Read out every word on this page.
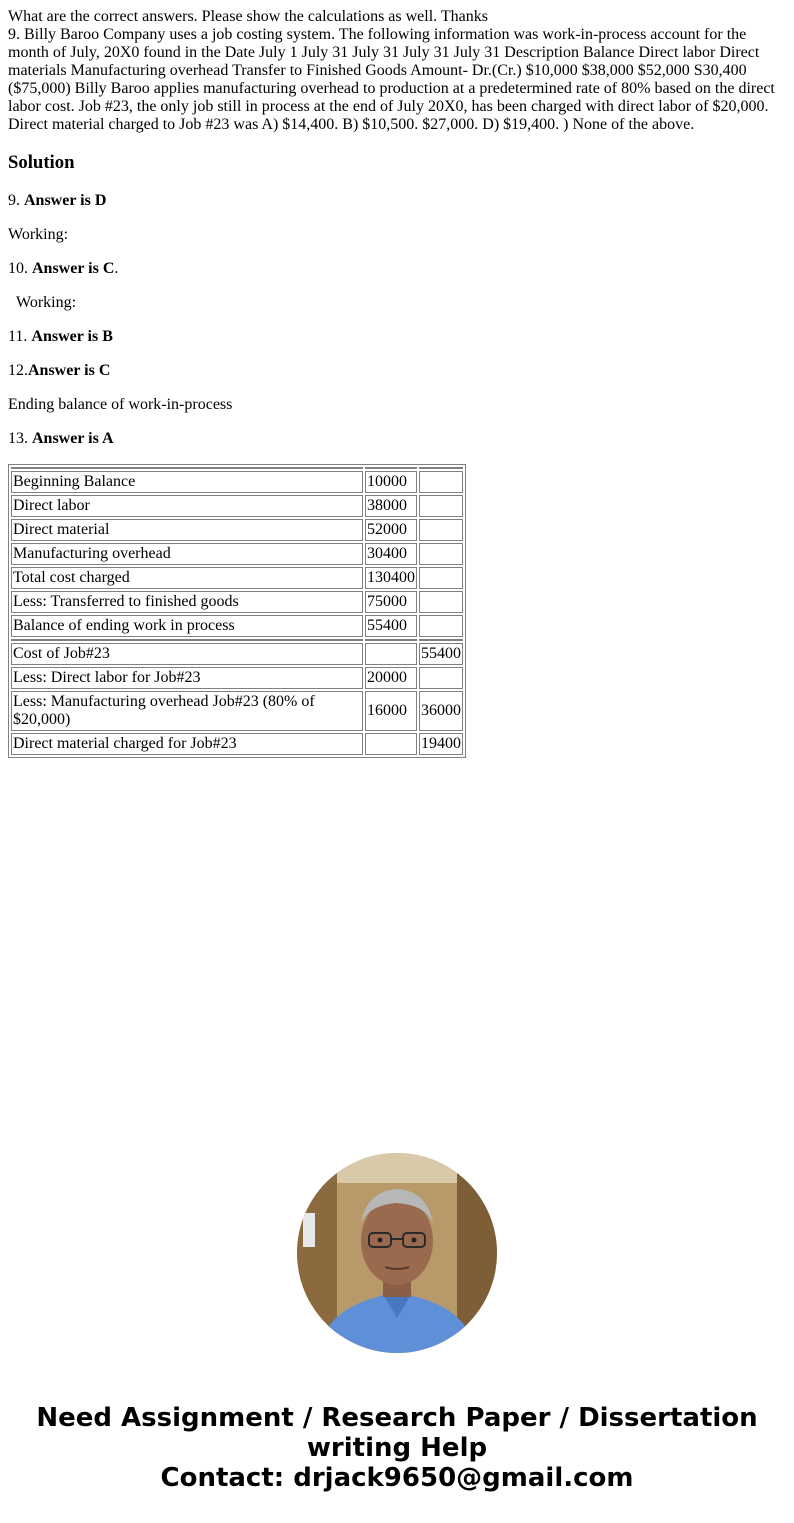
What are the correct answers. Please show the calculations as well. Thanks
9. Billy Baroo Company uses a job costing system. The following information was work-in-process account for the month of July, 20X0 found in the Date July 1 July 31 July 31 July 31 July 31 Description Balance Direct labor Direct materials Manufacturing overhead Transfer to Finished Goods Amount- Dr.(Cr.) $10,000 $38,000 $52,000 S30,400 ($75,000) Billy Baroo applies manufacturing overhead to production at a predetermined rate of 80% based on the direct labor cost. Job #23, the only job still in process at the end of July 20X0, has been charged with direct labor of $20,000. Direct material charged to Job #23 was A) $14,400. B) $10,500. $27,000. D) $19,400. ) None of the above.

Solution

9. Answer is D

Working:

10. Answer is C.

Working:

11. Answer is B

12.Answer is C

Ending balance of work-in-process

13. Answer is A

Beginning Balance	10000	
Direct labor	38000	
Direct material	52000	
Manufacturing overhead	30400	
Total cost charged	130400	
Less: Transferred to finished goods	75000	
Balance of ending work in process	55400	

Cost of Job#23		55400
Less: Direct labor for Job#23	20000	
Less: Manufacturing overhead Job#23 (80% of $20,000)	16000	36000
Direct material charged for Job#23		19400
Need Assignment / Research Paper / Dissertation
writing Help
Contact: drjack9650@gmail.com
